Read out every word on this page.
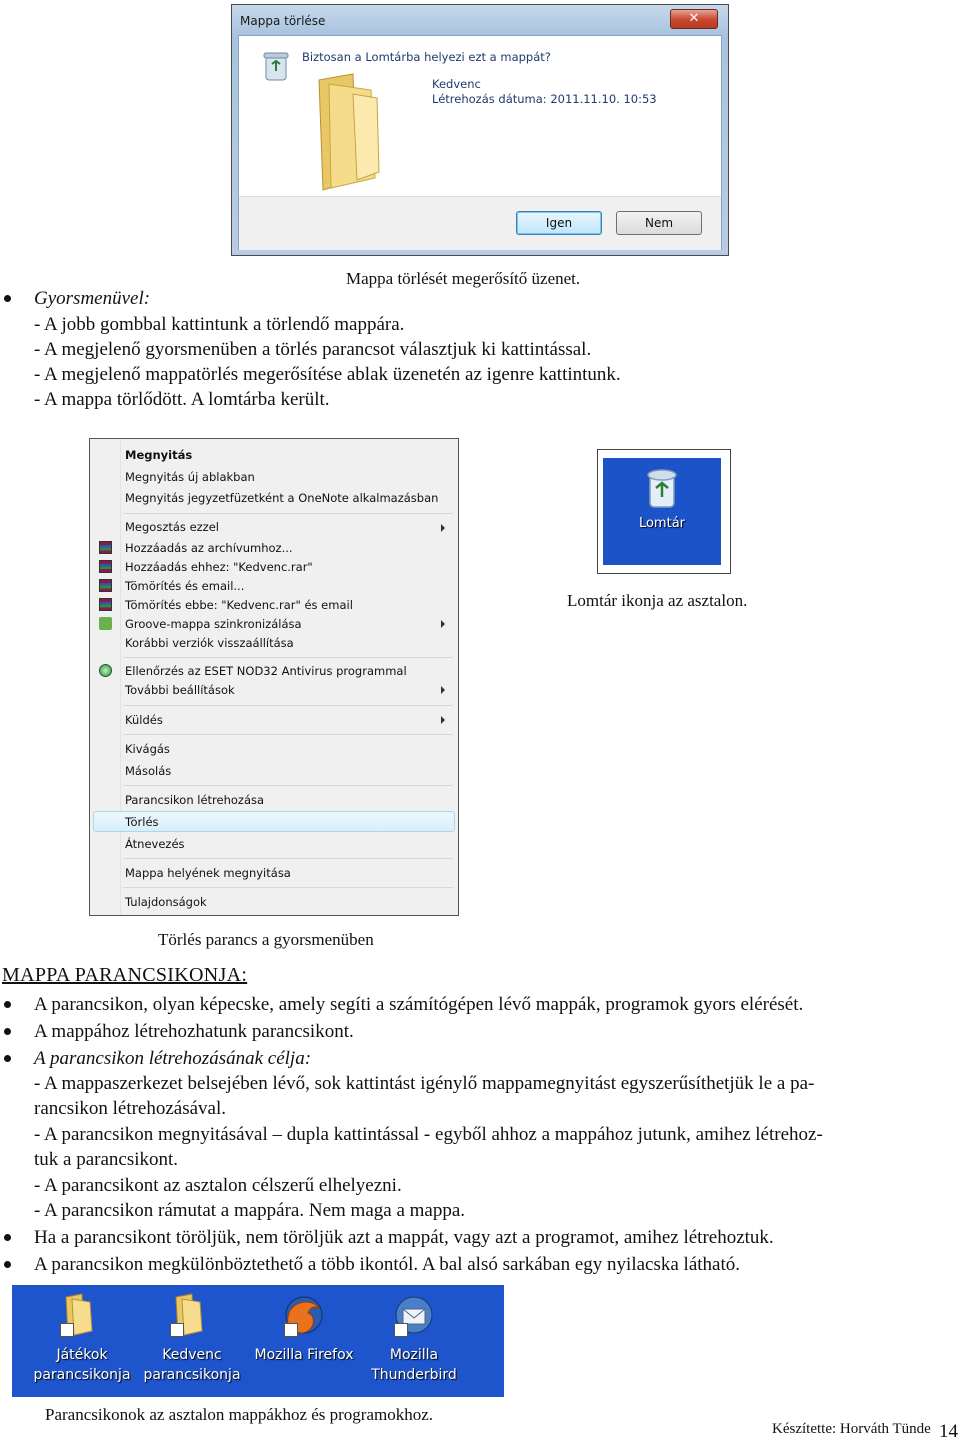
Mappa törlése	✕
Biztosan a Lomtárba helyezi ezt a mappát?
Kedvenc
Létrehozás dátuma: 2011.11.10. 10:53
Igen	Nem
Mappa törlését megerősítő üzenet.
Gyorsmenüvel:
- A jobb gombbal kattintunk a törlendő mappára.
- A megjelenő gyorsmenüben a törlés parancsot választjuk ki kattintással.
- A megjelenő mappatörlés megerősítése ablak üzenetén az igenre kattintunk.
- A mappa törlődött. A lomtárba került.
Megnyitás
Megnyitás új ablakban
Megnyitás jegyzetfüzetként a OneNote alkalmazásban
Megosztás ezzel
Hozzáadás az archívumhoz...
Hozzáadás ehhez: "Kedvenc.rar"
Tömörítés és email...
Tömörítés ebbe: "Kedvenc.rar" és email
Groove-mappa szinkronizálása
Korábbi verziók visszaállítása
Ellenőrzés az ESET NOD32 Antivirus programmal
További beállítások
Küldés
Kivágás
Másolás
Parancsikon létrehozása
Törlés
Átnevezés
Mappa helyének megnyitása
Tulajdonságok
Törlés parancs a gyorsmenüben
Lomtár
Lomtár ikonja az asztalon.
MAPPA PARANCSIKONJA:
A parancsikon, olyan képecske, amely segíti a számítógépen lévő mappák, programok gyors elérését.
A mappához létrehozhatunk parancsikont.
A parancsikon létrehozásának célja:
- A mappaszerkezet belsejében lévő, sok kattintást igénylő mappamegnyitást egyszerűsíthetjük le a pa-
rancsikon létrehozásával.
- A parancsikon megnyitásával – dupla kattintással - egyből ahhoz a mappához jutunk, amihez létrehoz-
tuk a parancsikont.
- A parancsikont az asztalon célszerű elhelyezni.
- A parancsikon rámutat a mappára. Nem maga a mappa.
Ha a parancsikont töröljük, nem töröljük azt a mappát, vagy azt a programot, amihez létrehoztuk.
A parancsikon megkülönböztethető a több ikontól. A bal alsó sarkában egy nyilacska látható.
Játékok
parancsikonja
Kedvenc
parancsikonja
Mozilla Firefox	Mozilla
Thunderbird
Parancsikonok az asztalon mappákhoz és programokhoz.
Készítette: Horváth Tünde 14
